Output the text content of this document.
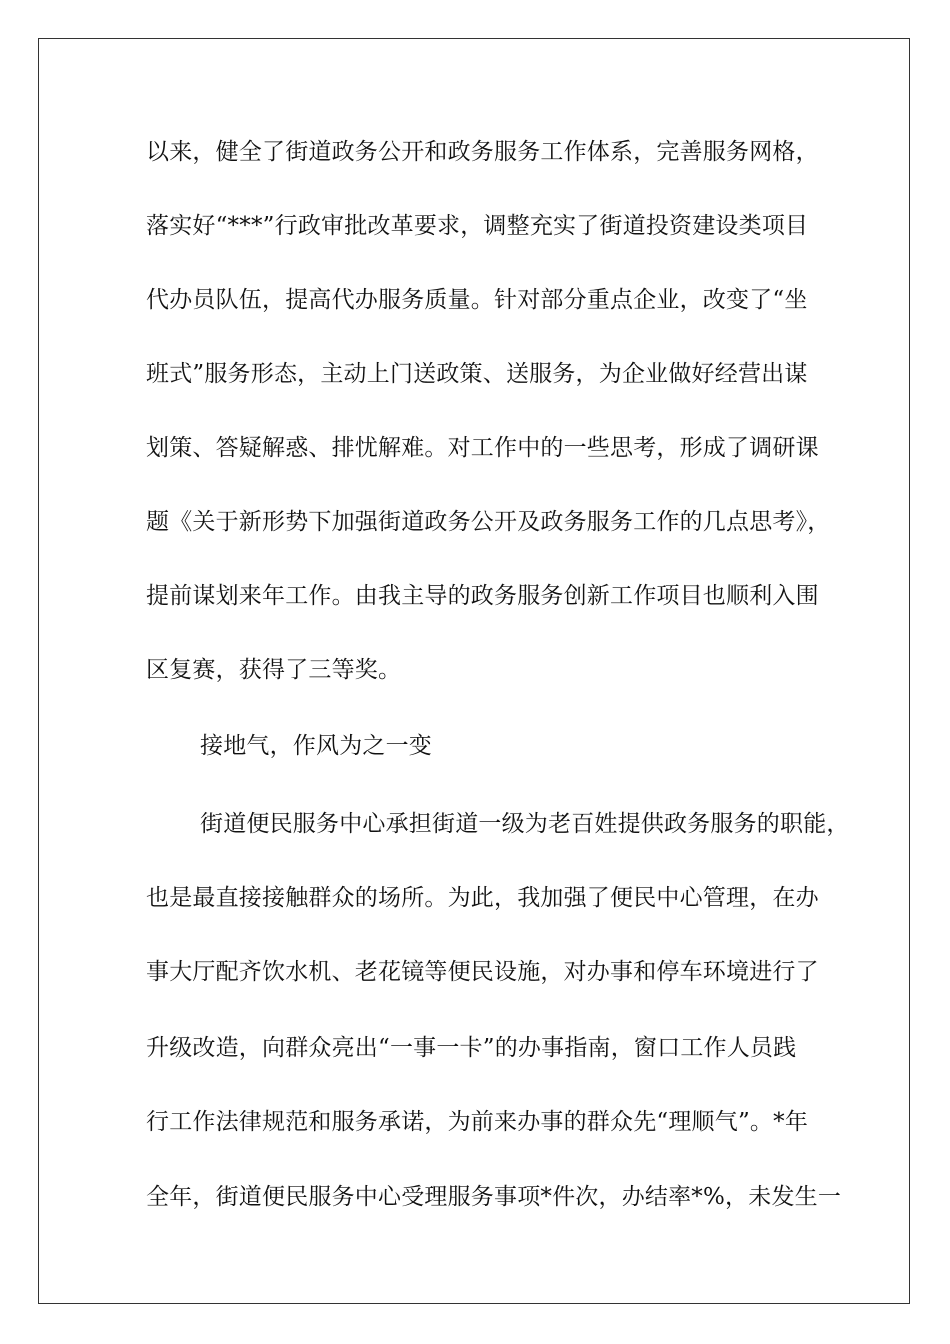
以来，健全了街道政务公开和政务服务工作体系，完善服务网格，
落实好“***”行政审批改革要求，调整充实了街道投资建设类项目
代办员队伍，提高代办服务质量。针对部分重点企业，改变了“坐
班式”服务形态，主动上门送政策、送服务，为企业做好经营出谋
划策、答疑解惑、排忧解难。对工作中的一些思考，形成了调研课
题《关于新形势下加强街道政务公开及政务服务工作的几点思考》，
提前谋划来年工作。由我主导的政务服务创新工作项目也顺利入围
区复赛，获得了三等奖。
接地气，作风为之一变
街道便民服务中心承担街道一级为老百姓提供政务服务的职能，
也是最直接接触群众的场所。为此，我加强了便民中心管理，在办
事大厅配齐饮水机、老花镜等便民设施，对办事和停车环境进行了
升级改造，向群众亮出“一事一卡”的办事指南，窗口工作人员践
行工作法律规范和服务承诺，为前来办事的群众先“理顺气”。*年
全年，街道便民服务中心受理服务事项*件次，办结率*%，未发生一
